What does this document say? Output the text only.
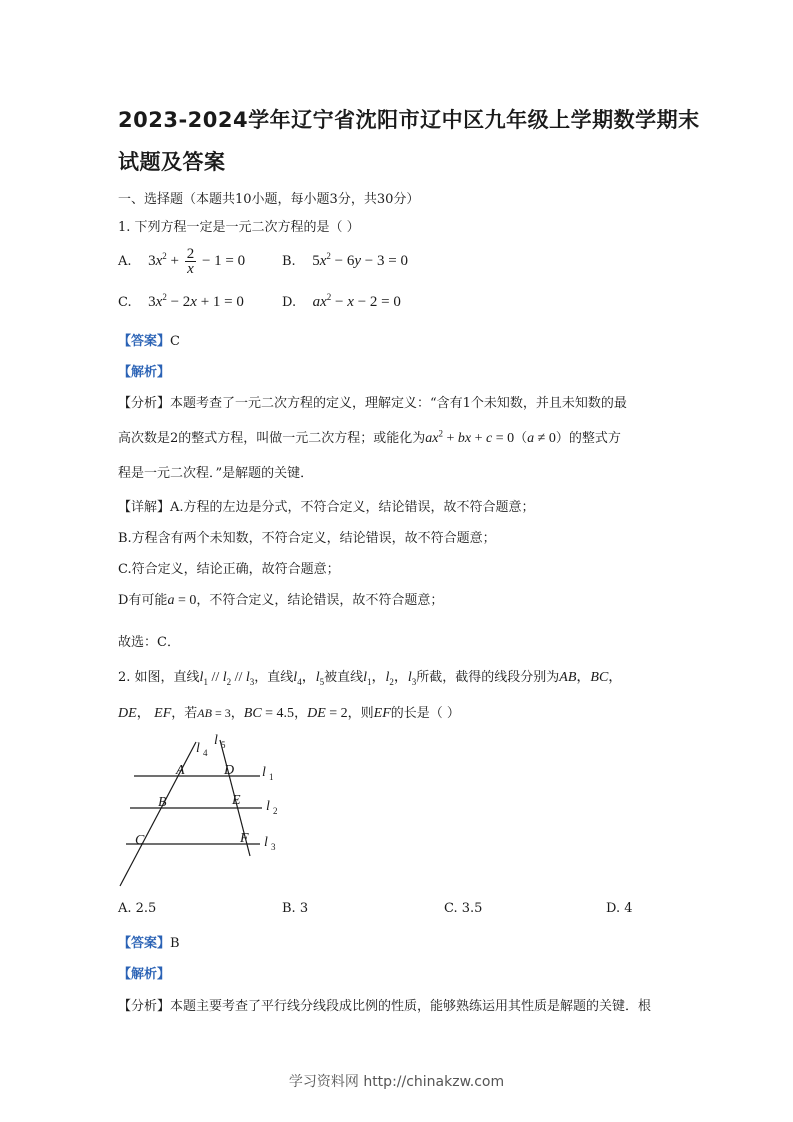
2023-2024学年辽宁省沈阳市辽中区九年级上学期数学期末
试题及答案
一、选择题（本题共10小题，每小题3分，共30分）
1. 下列方程一定是一元二次方程的是（ ）
A. $3x^2 + \frac{2}{x} - 1 = 0$	B. $5x^2 - 6y - 3 = 0$
C. $3x^2 - 2x + 1 = 0$	D. $ax^2 - x - 2 = 0$
【答案】C
【解析】
【分析】本题考查了一元二次方程的定义，理解定义：“含有1个未知数，并且未知数的最
高次数是2的整式方程，叫做一元二次方程；或能化为$ax^2$ + bx + c = 0（a ≠ 0）的整式方
程是一元二次程．”是解题的关键．
【详解】A.方程的左边是分式，不符合定义，结论错误，故不符合题意；
B.方程含有两个未知数，不符合定义，结论错误，故不符合题意；
C.符合定义，结论正确，故符合题意；
D有可能a = 0，不符合定义，结论错误，故不符合题意；
故选：C．
2. 如图，直线$l_1 // l_2 // l_3$，直线$l_4$，$l_5$被直线$l_1$，$l_2$，$l_3$所截，截得的线段分别为AB，BC，
DE， EF，若AB = 3，BC = 4.5，DE = 2，则EF的长是（ ）
A
B
C
D
E
F
l 4
l 5
l 1
l 2
l 3
A. 2.5	B. 3	C. 3.5	D. 4
【答案】B
【解析】
【分析】本题主要考查了平行线分线段成比例的性质，能够熟练运用其性质是解题的关键．根
学习资料网 http://chinakzw.com
